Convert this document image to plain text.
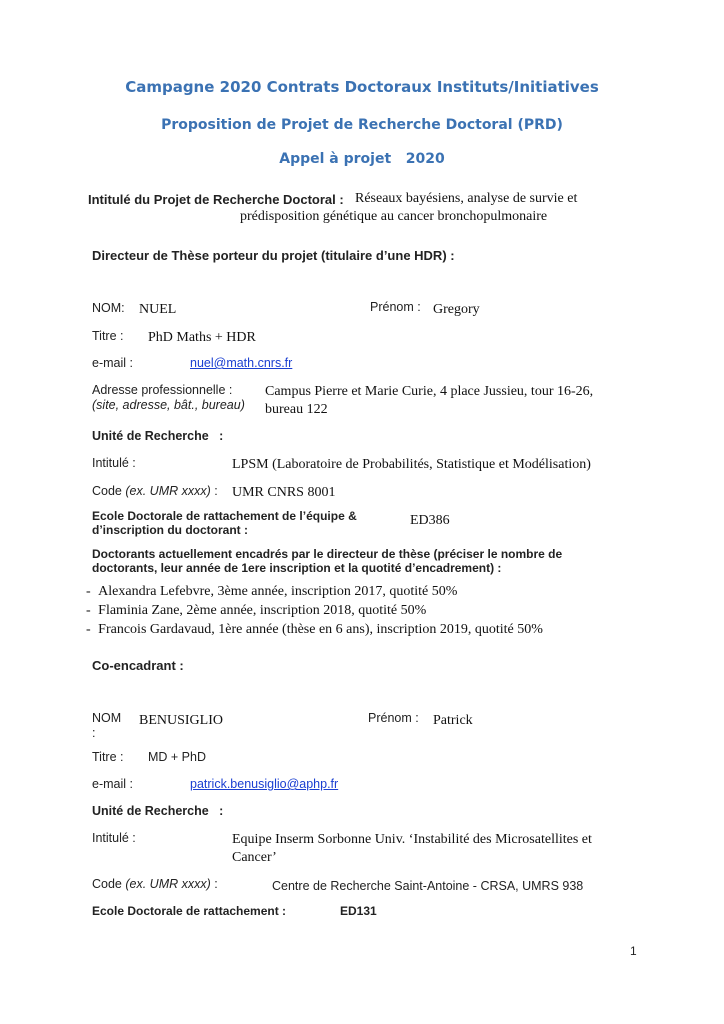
Campagne 2020 Contrats Doctoraux Instituts/Initiatives
Proposition de Projet de Recherche Doctoral (PRD)
Appel à projet   2020
Intitulé du Projet de Recherche Doctoral : Réseaux bayésiens, analyse de survie et
prédisposition génétique au cancer bronchopulmonaire
Directeur de Thèse porteur du projet (titulaire d’une HDR) :
NOM: NUEL	Prénom : Gregory
Titre : PhD Maths + HDR
e-mail :	nuel@math.cnrs.fr
Adresse professionnelle :
(site, adresse, bât., bureau)
Campus Pierre et Marie Curie, 4 place Jussieu, tour 16-26,
bureau 122
Unité de Recherche   :
Intitulé :	LPSM (Laboratoire de Probabilités, Statistique et Modélisation)
Code (ex. UMR xxxx) : UMR CNRS 8001
Ecole Doctorale de rattachement de l’équipe &
d’inscription du doctorant :
ED386
Doctorants actuellement encadrés par le directeur de thèse (préciser le nombre de
doctorants, leur année de 1ere inscription et la quotité d’encadrement) :
- Alexandra Lefebvre, 3ème année, inscription 2017, quotité 50%
- Flaminia Zane, 2ème année, inscription 2018, quotité 50%
- Francois Gardavaud, 1ère année (thèse en 6 ans), inscription 2019, quotité 50%
Co-encadrant :
NOM
:
BENUSIGLIO	Prénom : Patrick
Titre : MD + PhD
e-mail :	patrick.benusiglio@aphp.fr
Unité de Recherche   :
Intitulé :	Equipe Inserm Sorbonne Univ. ‘Instabilité des Microsatellites et
Cancer’
Code (ex. UMR xxxx) :	Centre de Recherche Saint-Antoine - CRSA, UMRS 938
Ecole Doctorale de rattachement :	ED131
1
